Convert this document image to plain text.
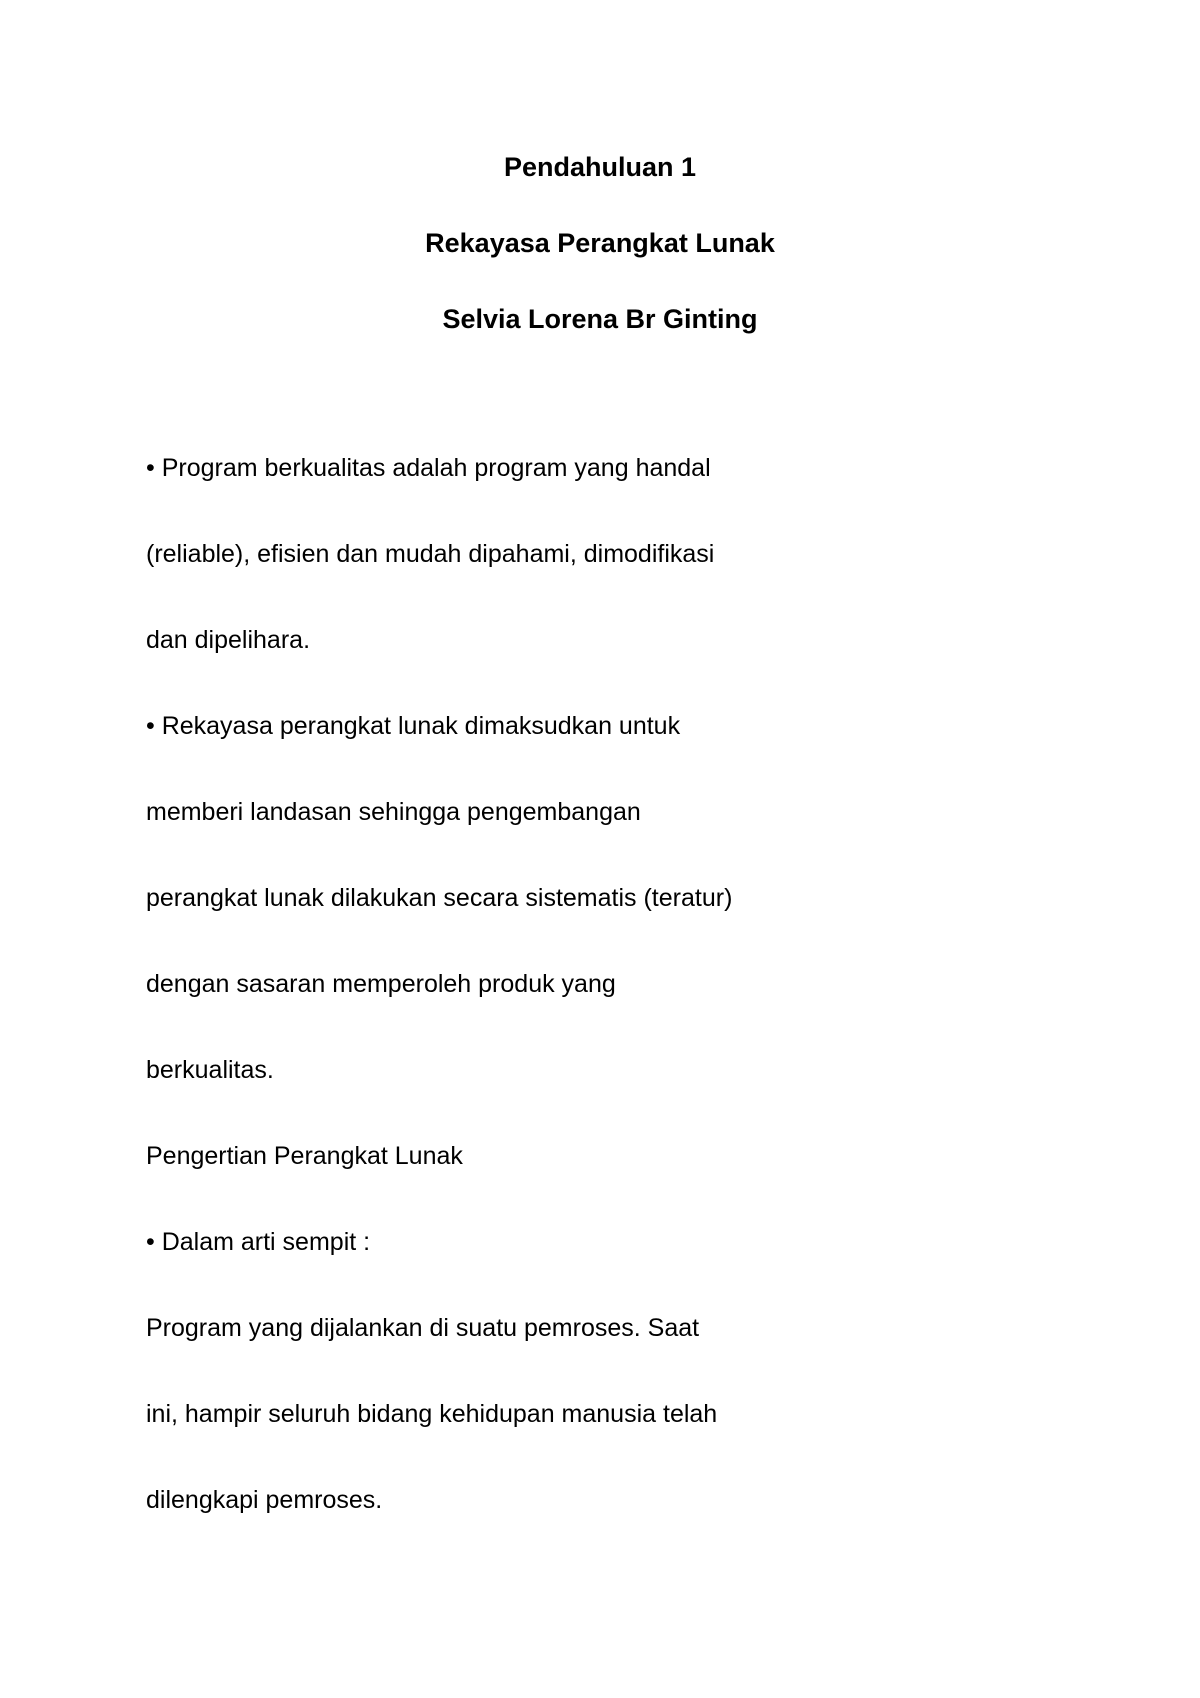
Pendahuluan 1
Rekayasa Perangkat Lunak
Selvia Lorena Br Ginting
• Program berkualitas adalah program yang handal
(reliable), efisien dan mudah dipahami, dimodifikasi
dan dipelihara.
• Rekayasa perangkat lunak dimaksudkan untuk
memberi landasan sehingga pengembangan
perangkat lunak dilakukan secara sistematis (teratur)
dengan sasaran memperoleh produk yang
berkualitas.
Pengertian Perangkat Lunak
• Dalam arti sempit :
Program yang dijalankan di suatu pemroses. Saat
ini, hampir seluruh bidang kehidupan manusia telah
dilengkapi pemroses.
